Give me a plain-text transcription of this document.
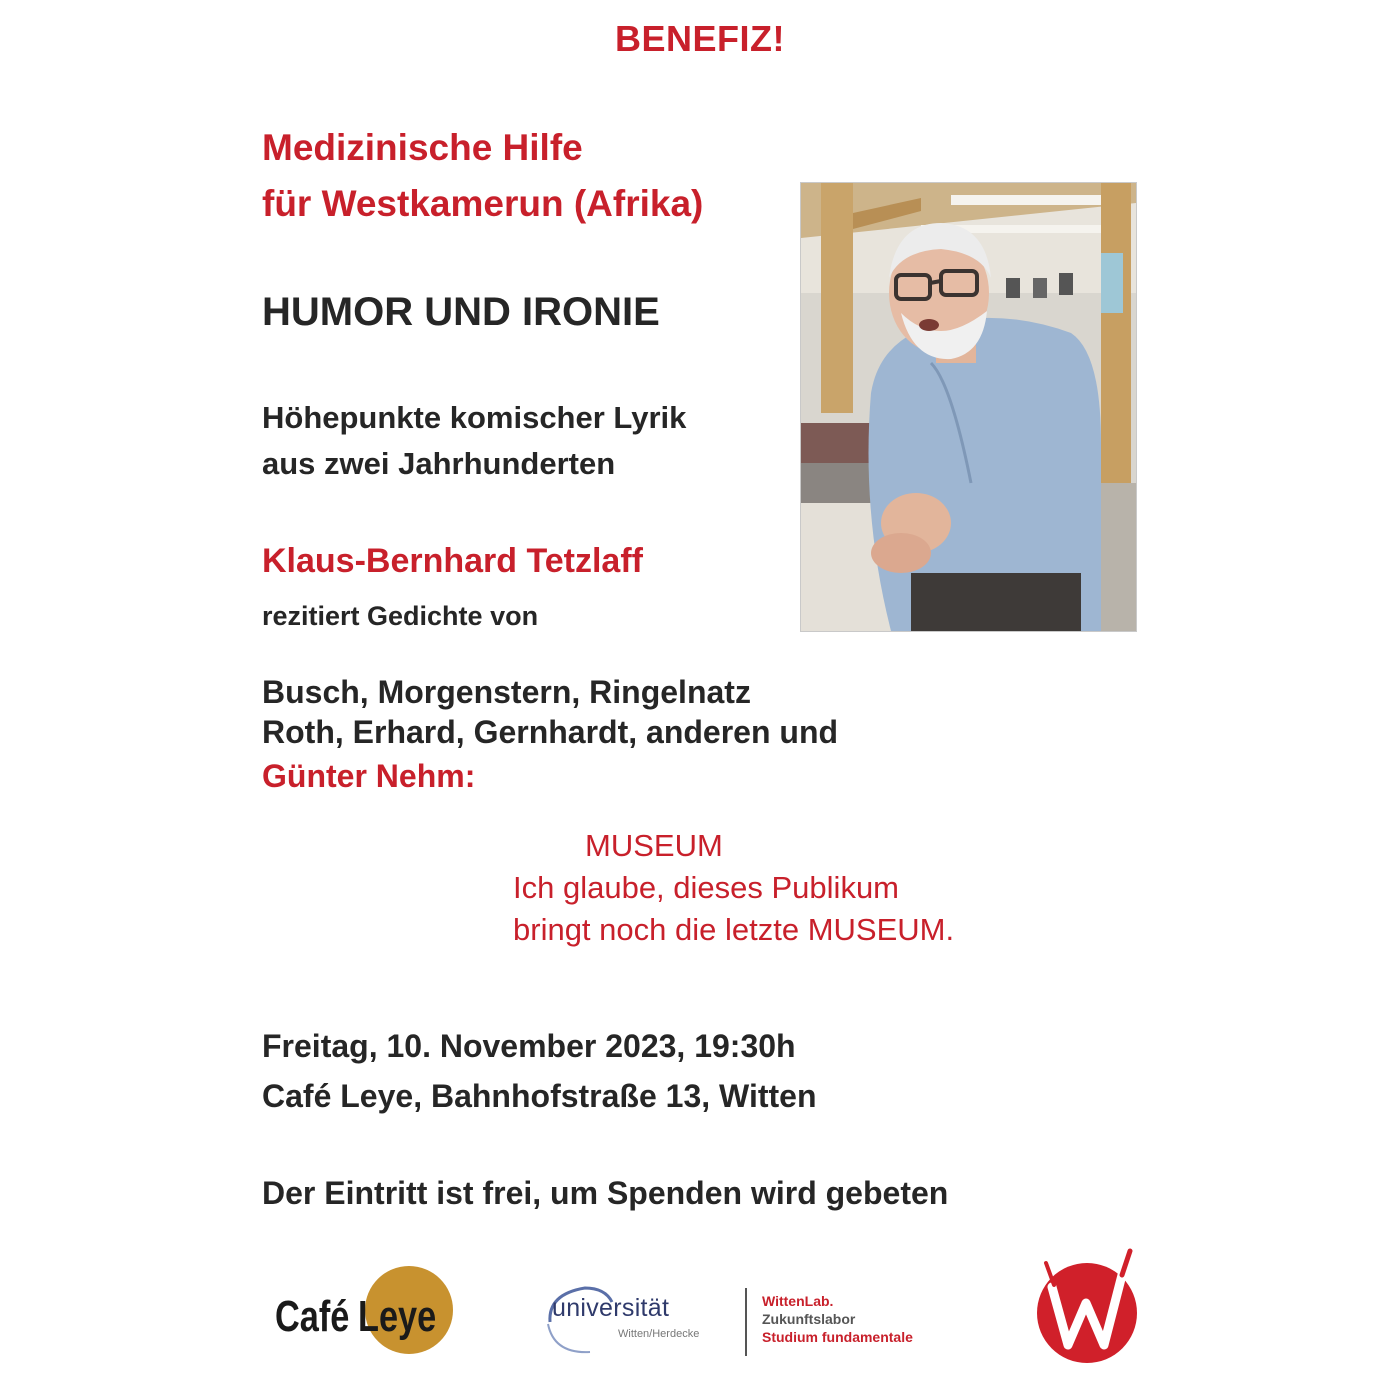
BENEFIZ!
Medizinische Hilfe
für Westkamerun (Afrika)
HUMOR UND IRONIE
Höhepunkte komischer Lyrik
aus zwei Jahrhunderten
Klaus-Bernhard Tetzlaff
rezitiert Gedichte von
Busch, Morgenstern, Ringelnatz
Roth, Erhard, Gernhardt, anderen und
Günter Nehm:
MUSEUM
Ich glaube, dieses Publikum
bringt noch die letzte MUSEUM.
Freitag, 10. November 2023, 19:30h
Café Leye, Bahnhofstraße 13, Witten
Der Eintritt ist frei, um Spenden wird gebeten
Café Leye	universität
Witten/Herdecke
WittenLab.
Zukunftslabor
Studium fundamentale
